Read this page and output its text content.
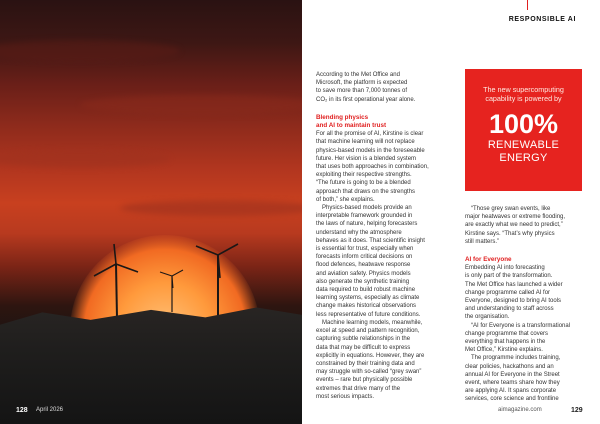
128 April 2026
RESPONSIBLE AI

According to the Met Office and
Microsoft, the platform is expected
to save more than 7,000 tonnes of
CO₂ in its first operational year alone.

Blending physics
and AI to maintain trust

For all the promise of AI, Kirstine is clear
that machine learning will not replace
physics-based models in the foreseeable
future. Her vision is a blended system
that uses both approaches in combination,
exploiting their respective strengths.
“The future is going to be a blended
approach that draws on the strengths
of both,” she explains.

Physics-based models provide an
interpretable framework grounded in
the laws of nature, helping forecasters
understand why the atmosphere
behaves as it does. That scientific insight
is essential for trust, especially when
forecasts inform critical decisions on
flood defences, heatwave response
and aviation safety. Physics models
also generate the synthetic training
data required to build robust machine
learning systems, especially as climate
change makes historical observations
less representative of future conditions.

Machine learning models, meanwhile,
excel at speed and pattern recognition,
capturing subtle relationships in the
data that may be difficult to express
explicitly in equations. However, they are
constrained by their training data and
may struggle with so-called “grey swan”
events – rare but physically possible
extremes that drive many of the
most serious impacts.

The new supercomputing
capability is powered by
100%
RENEWABLE
ENERGY

“Those grey swan events, like
major heatwaves or extreme flooding,
are exactly what we need to predict,”
Kirstine says. “That’s why physics
still matters.”

AI for Everyone

Embedding AI into forecasting
is only part of the transformation.
The Met Office has launched a wider
change programme called AI for
Everyone, designed to bring AI tools
and understanding to staff across
the organisation.

“AI for Everyone is a transformational
change programme that covers
everything that happens in the
Met Office,” Kirstine explains.

The programme includes training,
clear policies, hackathons and an
annual AI for Everyone in the Street
event, where teams share how they
are applying AI. It spans corporate
services, core science and frontline

aimagazine.com	129
